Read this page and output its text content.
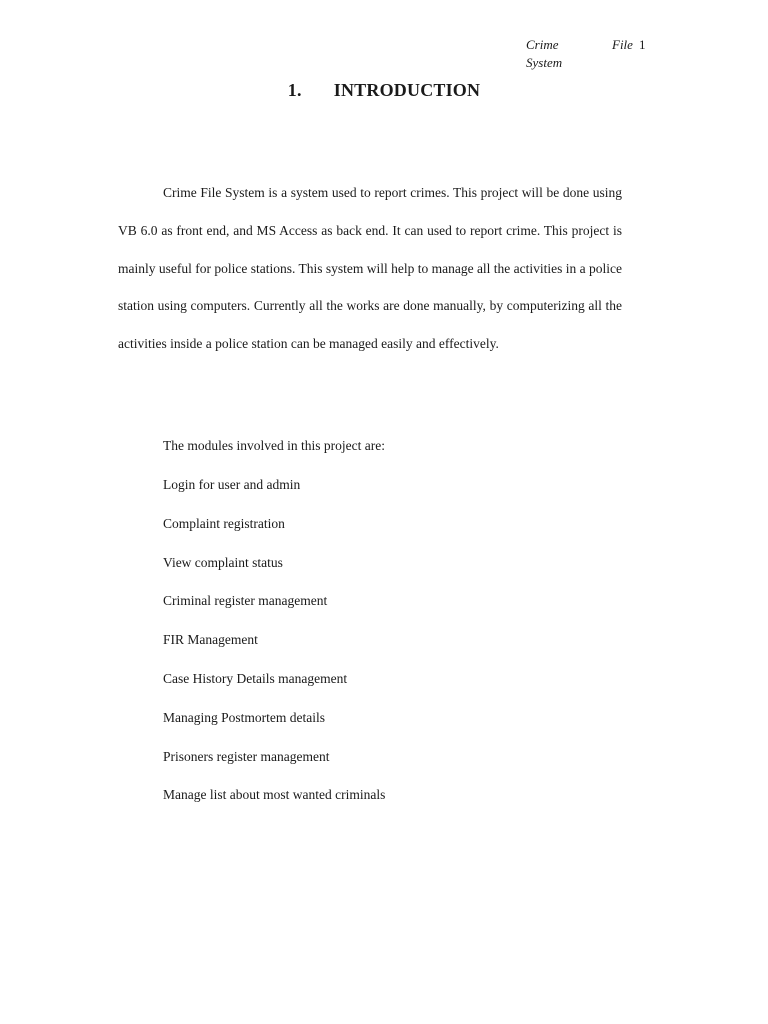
Crime	File 1
System
1. INTRODUCTION

Crime File System is a system used to report crimes. This project will be done using VB 6.0 as front end, and MS Access as back end. It can used to report crime. This project is mainly useful for police stations. This system will help to manage all the activities in a police station using computers. Currently all the works are done manually, by computerizing all the activities inside a police station can be managed easily and effectively.

The modules involved in this project are:
Login for user and admin
Complaint registration
View complaint status
Criminal register management
FIR Management
Case History Details management
Managing Postmortem details
Prisoners register management
Manage list about most wanted criminals
